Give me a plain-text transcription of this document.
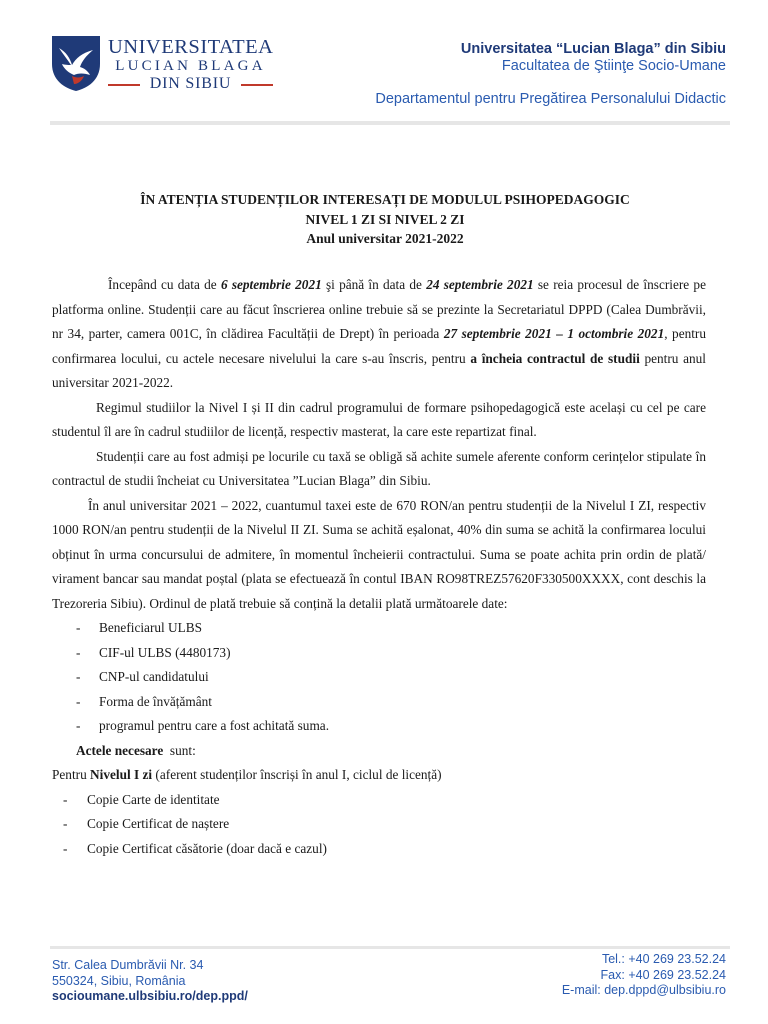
UNIVERSITATEA
LUCIAN BLAGA
DIN SIBIU
Universitatea “Lucian Blaga” din Sibiu
Facultatea de Ştiinţe Socio-Umane
Departamentul pentru Pregătirea Personalului Didactic
ÎN ATENȚIA STUDENȚILOR INTERESAȚI DE MODULUL PSIHOPEDAGOGIC
NIVEL 1 ZI SI NIVEL 2 ZI
Anul universitar 2021-2022

Începând cu data de 6 septembrie 2021 şi până în data de 24 septembrie 2021 se reia procesul de înscriere pe platforma online. Studenții care au făcut înscrierea online trebuie să se prezinte la Secretariatul DPPD (Calea Dumbrăvii, nr 34, parter, camera 001C, în clădirea Facultății de Drept) în perioada 27 septembrie 2021 – 1 octombrie 2021, pentru confirmarea locului, cu actele necesare nivelului la care s-au înscris, pentru a încheia contractul de studii pentru anul universitar 2021-2022.

Regimul studiilor la Nivel I și II din cadrul programului de formare psihopedagogică este același cu cel pe care studentul îl are în cadrul studiilor de licență, respectiv masterat, la care este repartizat final.

Studenții care au fost admiși pe locurile cu taxă se obligă să achite sumele aferente conform cerințelor stipulate în contractul de studii încheiat cu Universitatea ”Lucian Blaga” din Sibiu.

În anul universitar 2021 – 2022, cuantumul taxei este de 670 RON/an pentru studenții de la Nivelul I ZI, respectiv 1000 RON/an pentru studenții de la Nivelul II ZI. Suma se achită eșalonat, 40% din suma se achită la confirmarea locului obținut în urma concursului de admitere, în momentul încheierii contractului. Suma se poate achita prin ordin de plată/ virament bancar sau mandat poștal (plata se efectuează în contul IBAN RO98TREZ57620F330500XXXX, cont deschis la Trezoreria Sibiu). Ordinul de plată trebuie să conțină la detalii plată următoarele date:

- Beneficiarul ULBS
- CIF-ul ULBS (4480173)
- CNP-ul candidatului
- Forma de învățământ
- programul pentru care a fost achitată suma.
Actele necesare  sunt:
Pentru Nivelul I zi (aferent studenților înscriși în anul I, ciclul de licență)
- Copie Carte de identitate
- Copie Certificat de naștere
- Copie Certificat căsătorie (doar dacă e cazul)
Str. Calea Dumbrăvii Nr. 34
550324, Sibiu, România
socioumane.ulbsibiu.ro/dep.ppd/
Tel.: +40 269 23.52.24
Fax: +40 269 23.52.24
E-mail: dep.dppd@ulbsibiu.ro
